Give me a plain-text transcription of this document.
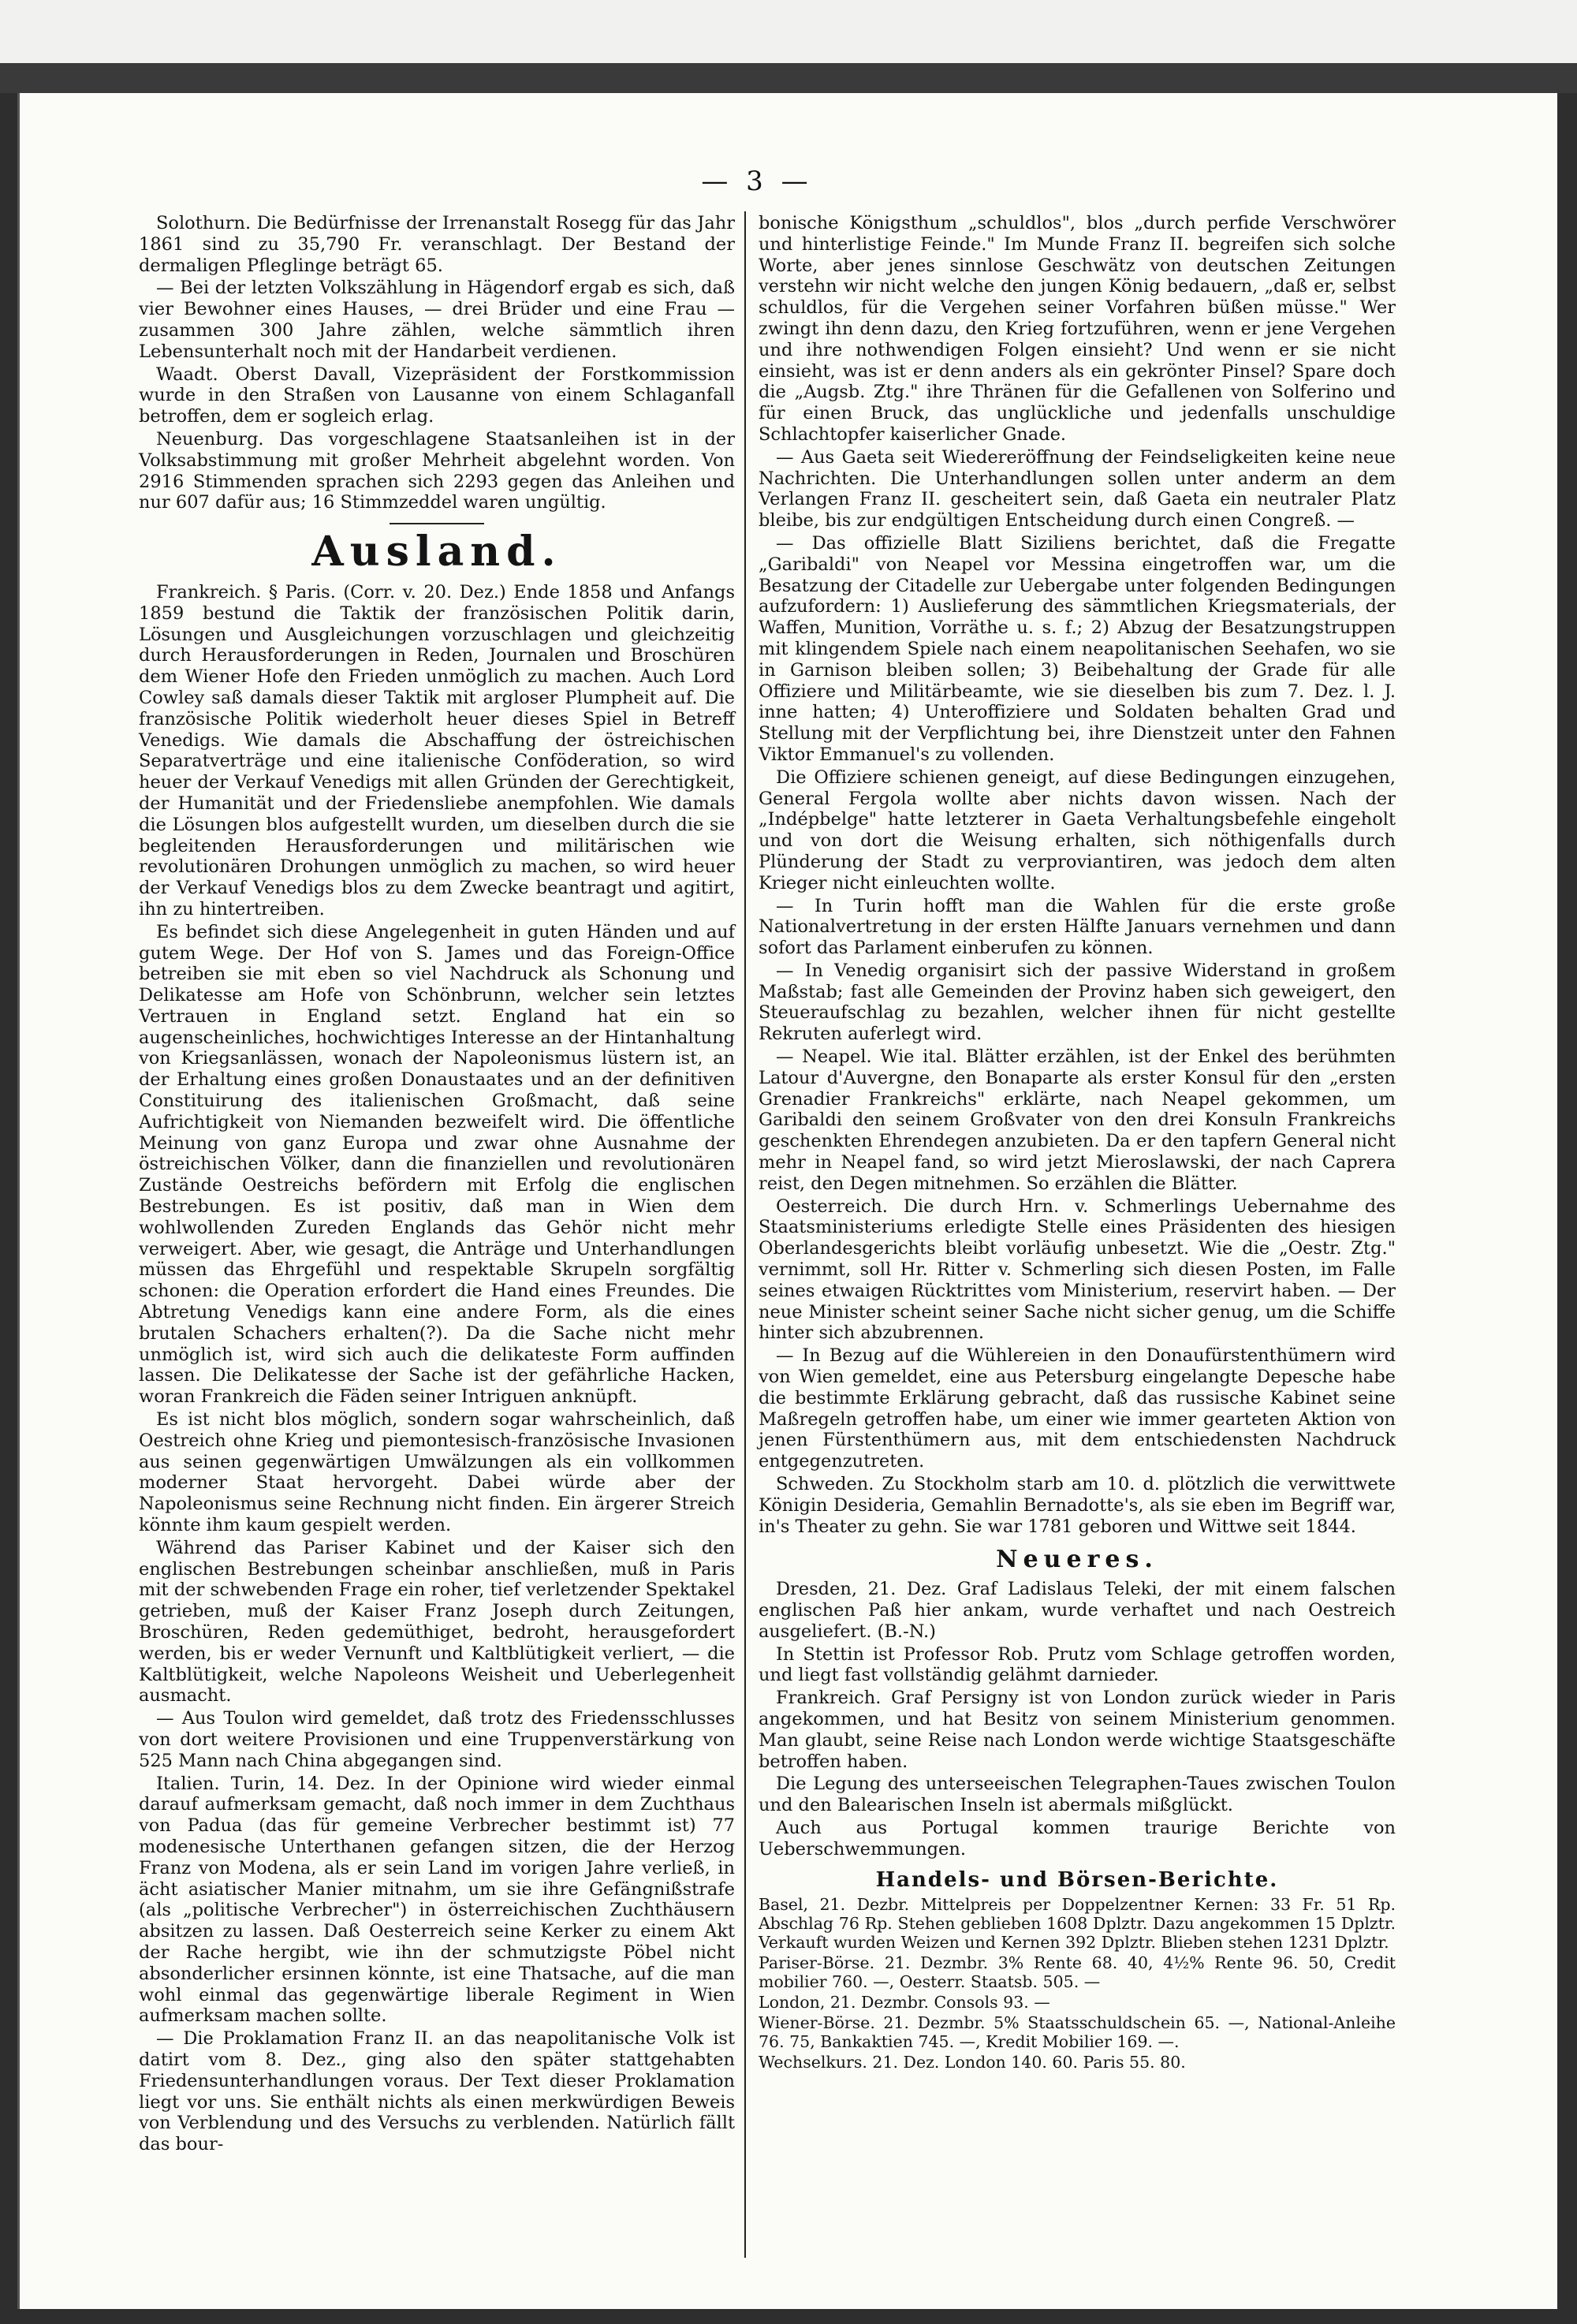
— 3 —

Solothurn. Die Bedürfnisse der Irrenanstalt Rosegg für das Jahr 1861 sind zu 35,790 Fr. veranschlagt. Der Bestand der dermaligen Pfleglinge beträgt 65.

— Bei der letzten Volkszählung in Hägendorf ergab es sich, daß vier Bewohner eines Hauses, — drei Brüder und eine Frau — zusammen 300 Jahre zählen, welche sämmtlich ihren Lebensunterhalt noch mit der Handarbeit verdienen.

Waadt. Oberst Davall, Vizepräsident der Forstkommission wurde in den Straßen von Lausanne von einem Schlaganfall betroffen, dem er sogleich erlag.

Neuenburg. Das vorgeschlagene Staatsanleihen ist in der Volksabstimmung mit großer Mehrheit abgelehnt worden. Von 2916 Stimmenden sprachen sich 2293 gegen das Anleihen und nur 607 dafür aus; 16 Stimmzeddel waren ungültig.

Ausland.

Frankreich. § Paris. (Corr. v. 20. Dez.) Ende 1858 und Anfangs 1859 bestund die Taktik der französischen Politik darin, Lösungen und Ausgleichungen vorzuschlagen und gleichzeitig durch Herausforderungen in Reden, Journalen und Broschüren dem Wiener Hofe den Frieden unmöglich zu machen. Auch Lord Cowley saß damals dieser Taktik mit argloser Plumpheit auf. Die französische Politik wiederholt heuer dieses Spiel in Betreff Venedigs. Wie damals die Abschaffung der östreichischen Separatverträge und eine italienische Conföderation, so wird heuer der Verkauf Venedigs mit allen Gründen der Gerechtigkeit, der Humanität und der Friedensliebe anempfohlen. Wie damals die Lösungen blos aufgestellt wurden, um dieselben durch die sie begleitenden Herausforderungen und militärischen wie revolutionären Drohungen unmöglich zu machen, so wird heuer der Verkauf Venedigs blos zu dem Zwecke beantragt und agitirt, ihn zu hintertreiben.

Es befindet sich diese Angelegenheit in guten Händen und auf gutem Wege. Der Hof von S. James und das Foreign-Office betreiben sie mit eben so viel Nachdruck als Schonung und Delikatesse am Hofe von Schönbrunn, welcher sein letztes Vertrauen in England setzt. England hat ein so augenscheinliches, hochwichtiges Interesse an der Hintanhaltung von Kriegsanlässen, wonach der Napoleonismus lüstern ist, an der Erhaltung eines großen Donaustaates und an der definitiven Constituirung des italienischen Großmacht, daß seine Aufrichtigkeit von Niemanden bezweifelt wird. Die öffentliche Meinung von ganz Europa und zwar ohne Ausnahme der östreichischen Völker, dann die finanziellen und revolutionären Zustände Oestreichs befördern mit Erfolg die englischen Bestrebungen. Es ist positiv, daß man in Wien dem wohlwollenden Zureden Englands das Gehör nicht mehr verweigert. Aber, wie gesagt, die Anträge und Unterhandlungen müssen das Ehrgefühl und respektable Skrupeln sorgfältig schonen: die Operation erfordert die Hand eines Freundes. Die Abtretung Venedigs kann eine andere Form, als die eines brutalen Schachers erhalten(?). Da die Sache nicht mehr unmöglich ist, wird sich auch die delikateste Form auffinden lassen. Die Delikatesse der Sache ist der gefährliche Hacken, woran Frankreich die Fäden seiner Intriguen anknüpft.

Es ist nicht blos möglich, sondern sogar wahrscheinlich, daß Oestreich ohne Krieg und piemontesisch-französische Invasionen aus seinen gegenwärtigen Umwälzungen als ein vollkommen moderner Staat hervorgeht. Dabei würde aber der Napoleonismus seine Rechnung nicht finden. Ein ärgerer Streich könnte ihm kaum gespielt werden.

Während das Pariser Kabinet und der Kaiser sich den englischen Bestrebungen scheinbar anschließen, muß in Paris mit der schwebenden Frage ein roher, tief verletzender Spektakel getrieben, muß der Kaiser Franz Joseph durch Zeitungen, Broschüren, Reden gedemüthiget, bedroht, herausgefordert werden, bis er weder Vernunft und Kaltblütigkeit verliert, — die Kaltblütigkeit, welche Napoleons Weisheit und Ueberlegenheit ausmacht.

— Aus Toulon wird gemeldet, daß trotz des Friedensschlusses von dort weitere Provisionen und eine Truppenverstärkung von 525 Mann nach China abgegangen sind.

Italien. Turin, 14. Dez. In der Opinione wird wieder einmal darauf aufmerksam gemacht, daß noch immer in dem Zuchthaus von Padua (das für gemeine Verbrecher bestimmt ist) 77 modenesische Unterthanen gefangen sitzen, die der Herzog Franz von Modena, als er sein Land im vorigen Jahre verließ, in ächt asiatischer Manier mitnahm, um sie ihre Gefängnißstrafe (als „politische Verbrecher") in österreichischen Zuchthäusern absitzen zu lassen. Daß Oesterreich seine Kerker zu einem Akt der Rache hergibt, wie ihn der schmutzigste Pöbel nicht absonderlicher ersinnen könnte, ist eine Thatsache, auf die man wohl einmal das gegenwärtige liberale Regiment in Wien aufmerksam machen sollte.

— Die Proklamation Franz II. an das neapolitanische Volk ist datirt vom 8. Dez., ging also den später stattgehabten Friedensunterhandlungen voraus. Der Text dieser Proklamation liegt vor uns. Sie enthält nichts als einen merkwürdigen Beweis von Verblendung und des Versuchs zu verblenden. Natürlich fällt das bour-

bonische Königsthum „schuldlos", blos „durch perfide Verschwörer und hinterlistige Feinde." Im Munde Franz II. begreifen sich solche Worte, aber jenes sinnlose Geschwätz von deutschen Zeitungen verstehn wir nicht welche den jungen König bedauern, „daß er, selbst schuldlos, für die Vergehen seiner Vorfahren büßen müsse." Wer zwingt ihn denn dazu, den Krieg fortzuführen, wenn er jene Vergehen und ihre nothwendigen Folgen einsieht? Und wenn er sie nicht einsieht, was ist er denn anders als ein gekrönter Pinsel? Spare doch die „Augsb. Ztg." ihre Thränen für die Gefallenen von Solferino und für einen Bruck, das unglückliche und jedenfalls unschuldige Schlachtopfer kaiserlicher Gnade.

— Aus Gaeta seit Wiedereröffnung der Feindseligkeiten keine neue Nachrichten. Die Unterhandlungen sollen unter anderm an dem Verlangen Franz II. gescheitert sein, daß Gaeta ein neutraler Platz bleibe, bis zur endgültigen Entscheidung durch einen Congreß. —

— Das offizielle Blatt Siziliens berichtet, daß die Fregatte „Garibaldi" von Neapel vor Messina eingetroffen war, um die Besatzung der Citadelle zur Uebergabe unter folgenden Bedingungen aufzufordern: 1) Auslieferung des sämmtlichen Kriegsmaterials, der Waffen, Munition, Vorräthe u. s. f.; 2) Abzug der Besatzungstruppen mit klingendem Spiele nach einem neapolitanischen Seehafen, wo sie in Garnison bleiben sollen; 3) Beibehaltung der Grade für alle Offiziere und Militärbeamte, wie sie dieselben bis zum 7. Dez. l. J. inne hatten; 4) Unteroffiziere und Soldaten behalten Grad und Stellung mit der Verpflichtung bei, ihre Dienstzeit unter den Fahnen Viktor Emmanuel's zu vollenden.

Die Offiziere schienen geneigt, auf diese Bedingungen einzugehen, General Fergola wollte aber nichts davon wissen. Nach der „Indépbelge" hatte letzterer in Gaeta Verhaltungsbefehle eingeholt und von dort die Weisung erhalten, sich nöthigenfalls durch Plünderung der Stadt zu verproviantiren, was jedoch dem alten Krieger nicht einleuchten wollte.

— In Turin hofft man die Wahlen für die erste große Nationalvertretung in der ersten Hälfte Januars vernehmen und dann sofort das Parlament einberufen zu können.

— In Venedig organisirt sich der passive Widerstand in großem Maßstab; fast alle Gemeinden der Provinz haben sich geweigert, den Steueraufschlag zu bezahlen, welcher ihnen für nicht gestellte Rekruten auferlegt wird.

— Neapel. Wie ital. Blätter erzählen, ist der Enkel des berühmten Latour d'Auvergne, den Bonaparte als erster Konsul für den „ersten Grenadier Frankreichs" erklärte, nach Neapel gekommen, um Garibaldi den seinem Großvater von den drei Konsuln Frankreichs geschenkten Ehrendegen anzubieten. Da er den tapfern General nicht mehr in Neapel fand, so wird jetzt Mieroslawski, der nach Caprera reist, den Degen mitnehmen. So erzählen die Blätter.

Oesterreich. Die durch Hrn. v. Schmerlings Uebernahme des Staatsministeriums erledigte Stelle eines Präsidenten des hiesigen Oberlandesgerichts bleibt vorläufig unbesetzt. Wie die „Oestr. Ztg." vernimmt, soll Hr. Ritter v. Schmerling sich diesen Posten, im Falle seines etwaigen Rücktrittes vom Ministerium, reservirt haben. — Der neue Minister scheint seiner Sache nicht sicher genug, um die Schiffe hinter sich abzubrennen.

— In Bezug auf die Wühlereien in den Donaufürstenthümern wird von Wien gemeldet, eine aus Petersburg eingelangte Depesche habe die bestimmte Erklärung gebracht, daß das russische Kabinet seine Maßregeln getroffen habe, um einer wie immer gearteten Aktion von jenen Fürstenthümern aus, mit dem entschiedensten Nachdruck entgegenzutreten.

Schweden. Zu Stockholm starb am 10. d. plötzlich die verwittwete Königin Desideria, Gemahlin Bernadotte's, als sie eben im Begriff war, in's Theater zu gehn. Sie war 1781 geboren und Wittwe seit 1844.

Neueres.

Dresden, 21. Dez. Graf Ladislaus Teleki, der mit einem falschen englischen Paß hier ankam, wurde verhaftet und nach Oestreich ausgeliefert. (B.-N.)

In Stettin ist Professor Rob. Prutz vom Schlage getroffen worden, und liegt fast vollständig gelähmt darnieder.

Frankreich. Graf Persigny ist von London zurück wieder in Paris angekommen, und hat Besitz von seinem Ministerium genommen. Man glaubt, seine Reise nach London werde wichtige Staatsgeschäfte betroffen haben.

Die Legung des unterseeischen Telegraphen-Taues zwischen Toulon und den Balearischen Inseln ist abermals mißglückt.

Auch aus Portugal kommen traurige Berichte von Ueberschwemmungen.

Handels- und Börsen-Berichte.

Basel, 21. Dezbr. Mittelpreis per Doppelzentner Kernen: 33 Fr. 51 Rp. Abschlag 76 Rp. Stehen geblieben 1608 Dplztr. Dazu angekommen 15 Dplztr. Verkauft wurden Weizen und Kernen 392 Dplztr. Blieben stehen 1231 Dplztr.

Pariser-Börse. 21. Dezmbr. 3% Rente 68. 40, 4½% Rente 96. 50, Credit mobilier 760. —, Oesterr. Staatsb. 505. —

London, 21. Dezmbr. Consols 93. —

Wiener-Börse. 21. Dezmbr. 5% Staatsschuldschein 65. —, National-Anleihe 76. 75, Bankaktien 745. —, Kredit Mobilier 169. —.

Wechselkurs. 21. Dez. London 140. 60. Paris 55. 80.
